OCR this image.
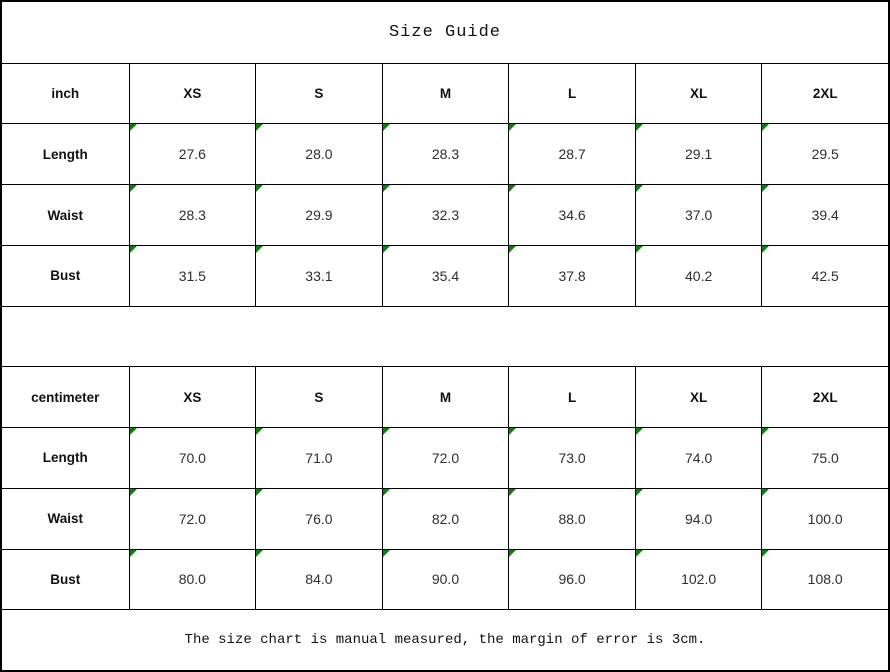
Size Guide
inch	XS	S	M	L	XL	2XL
Length	27.6	28.0	28.3	28.7	29.1	29.5
Waist	28.3	29.9	32.3	34.6	37.0	39.4
Bust	31.5	33.1	35.4	37.8	40.2	42.5
centimeter	XS	S	M	L	XL	2XL
Length	70.0	71.0	72.0	73.0	74.0	75.0
Waist	72.0	76.0	82.0	88.0	94.0	100.0
Bust	80.0	84.0	90.0	96.0	102.0	108.0
The size chart is manual measured, the margin of error is 3cm.
